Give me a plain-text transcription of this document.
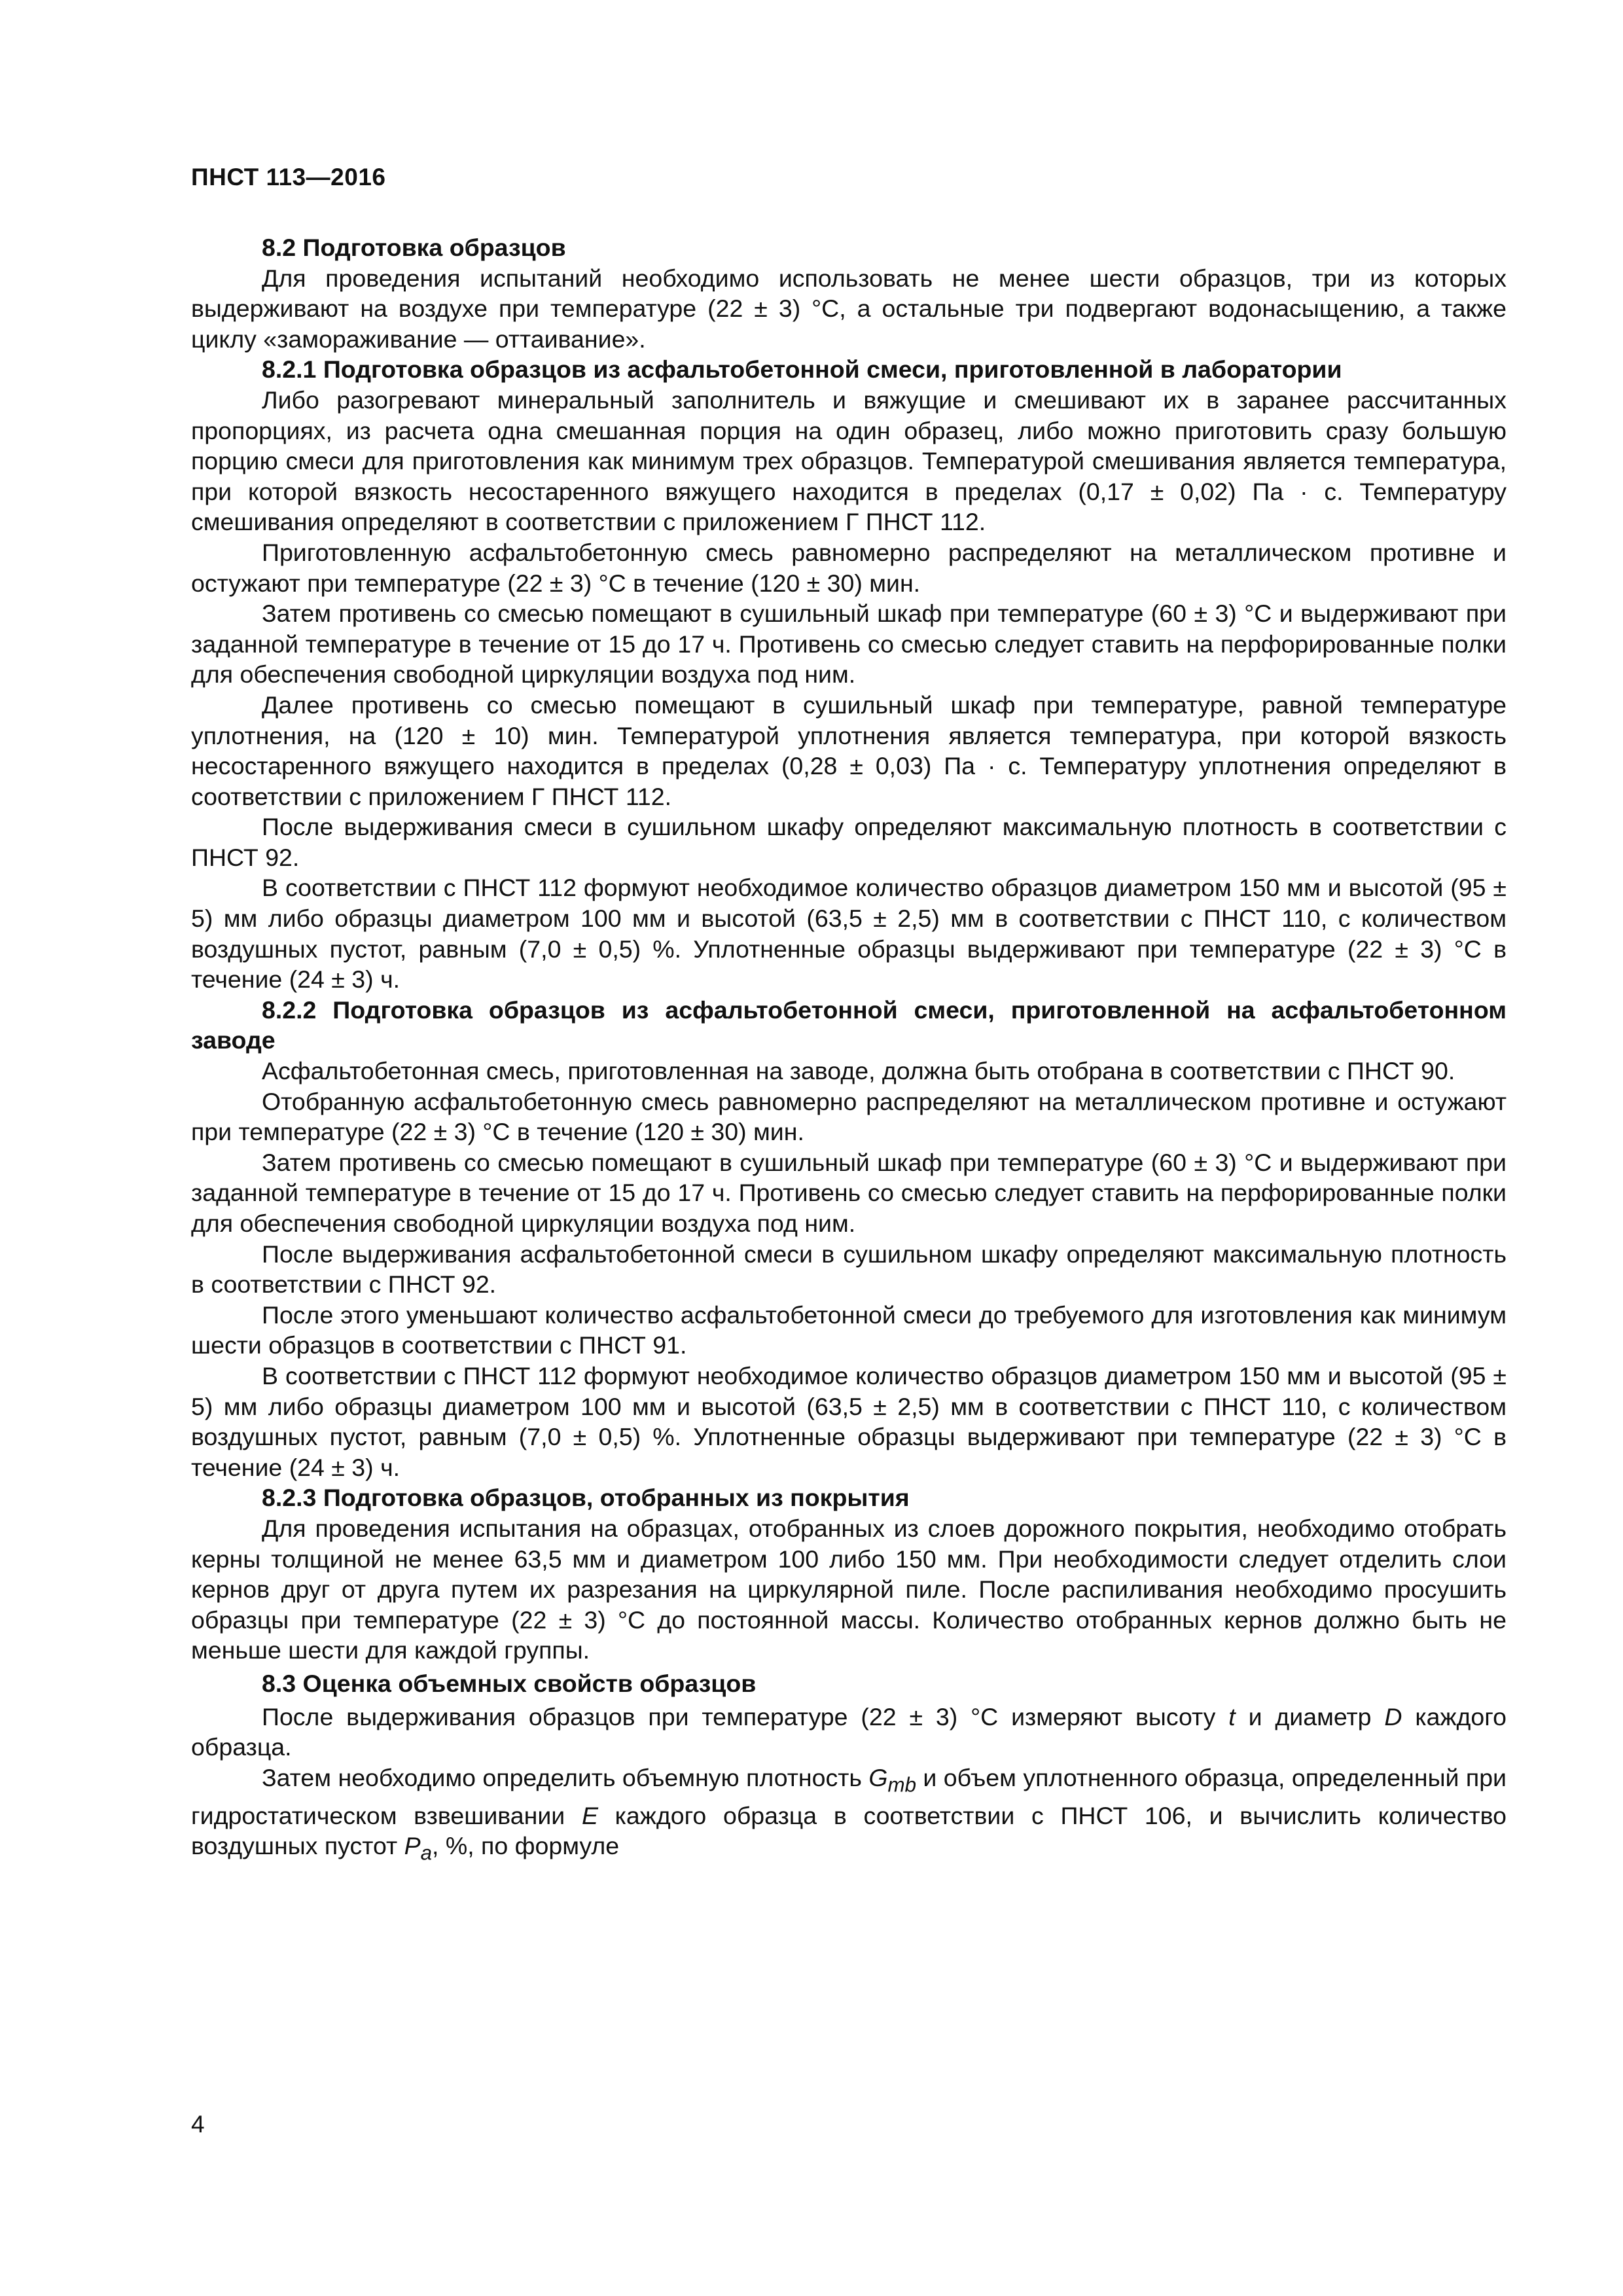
ПНСТ 113—2016
8.2 Подготовка образцов

Для проведения испытаний необходимо использовать не менее шести образцов, три из которых выдерживают на воздухе при температуре (22 ± 3) °C, а остальные три подвергают водонасыщению, а также циклу «замораживание — оттаивание».

8.2.1 Подготовка образцов из асфальтобетонной смеси, приготовленной в лаборатории

Либо разогревают минеральный заполнитель и вяжущие и смешивают их в заранее рассчитанных пропорциях, из расчета одна смешанная порция на один образец, либо можно приготовить сразу большую порцию смеси для приготовления как минимум трех образцов. Температурой смешивания является температура, при которой вязкость несостаренного вяжущего находится в пределах (0,17 ± 0,02) Па · с. Температуру смешивания определяют в соответствии с приложением Г ПНСТ 112.

Приготовленную асфальтобетонную смесь равномерно распределяют на металлическом противне и остужают при температуре (22 ± 3) °C в течение (120 ± 30) мин.

Затем противень со смесью помещают в сушильный шкаф при температуре (60 ± 3) °C и выдерживают при заданной температуре в течение от 15 до 17 ч. Противень со смесью следует ставить на перфорированные полки для обеспечения свободной циркуляции воздуха под ним.

Далее противень со смесью помещают в сушильный шкаф при температуре, равной температуре уплотнения, на (120 ± 10) мин. Температурой уплотнения является температура, при которой вязкость несостаренного вяжущего находится в пределах (0,28 ± 0,03) Па · с. Температуру уплотнения определяют в соответствии с приложением Г ПНСТ 112.

После выдерживания смеси в сушильном шкафу определяют максимальную плотность в соответствии с ПНСТ 92.

В соответствии с ПНСТ 112 формуют необходимое количество образцов диаметром 150 мм и высотой (95 ± 5) мм либо образцы диаметром 100 мм и высотой (63,5 ± 2,5) мм в соответствии с ПНСТ 110, с количеством воздушных пустот, равным (7,0 ± 0,5) %. Уплотненные образцы выдерживают при температуре (22 ± 3) °C в течение (24 ± 3) ч.

8.2.2 Подготовка образцов из асфальтобетонной смеси, приготовленной на асфальтобетонном заводе

Асфальтобетонная смесь, приготовленная на заводе, должна быть отобрана в соответствии с ПНСТ 90.

Отобранную асфальтобетонную смесь равномерно распределяют на металлическом противне и остужают при температуре (22 ± 3) °C в течение (120 ± 30) мин.

Затем противень со смесью помещают в сушильный шкаф при температуре (60 ± 3) °C и выдерживают при заданной температуре в течение от 15 до 17 ч. Противень со смесью следует ставить на перфорированные полки для обеспечения свободной циркуляции воздуха под ним.

После выдерживания асфальтобетонной смеси в сушильном шкафу определяют максимальную плотность в соответствии с ПНСТ 92.

После этого уменьшают количество асфальтобетонной смеси до требуемого для изготовления как минимум шести образцов в соответствии с ПНСТ 91.

В соответствии с ПНСТ 112 формуют необходимое количество образцов диаметром 150 мм и высотой (95 ± 5) мм либо образцы диаметром 100 мм и высотой (63,5 ± 2,5) мм в соответствии с ПНСТ 110, с количеством воздушных пустот, равным (7,0 ± 0,5) %. Уплотненные образцы выдерживают при температуре (22 ± 3) °C в течение (24 ± 3) ч.

8.2.3 Подготовка образцов, отобранных из покрытия

Для проведения испытания на образцах, отобранных из слоев дорожного покрытия, необходимо отобрать керны толщиной не менее 63,5 мм и диаметром 100 либо 150 мм. При необходимости следует отделить слои кернов друг от друга путем их разрезания на циркулярной пиле. После распиливания необходимо просушить образцы при температуре (22 ± 3) °C до постоянной массы. Количество отобранных кернов должно быть не меньше шести для каждой группы.

8.3 Оценка объемных свойств образцов

После выдерживания образцов при температуре (22 ± 3) °C измеряют высоту t и диаметр D каждого образца.

Затем необходимо определить объемную плотность $G_{mb}$ и объем уплотненного образца, определенный при гидростатическом взвешивании E каждого образца в соответствии с ПНСТ 106, и вычислить количество воздушных пустот $P_a$, %, по формуле

4
